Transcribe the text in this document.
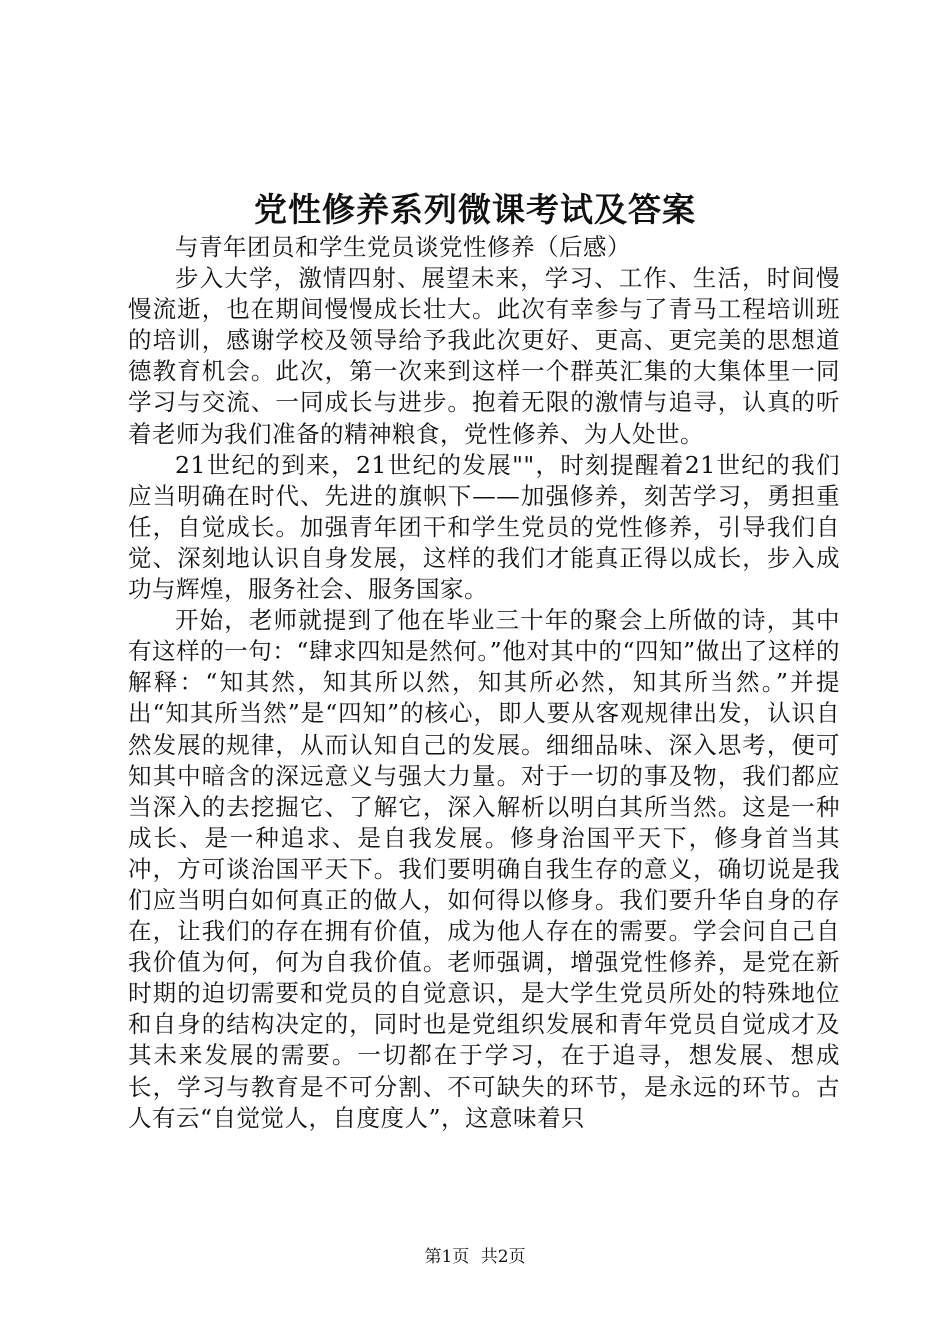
党性修养系列微课考试及答案

与青年团员和学生党员谈党性修养（后感）

步入大学，激情四射、展望未来，学习、工作、生活，时间慢慢流逝，也在期间慢慢成长壮大。此次有幸参与了青马工程培训班的培训，感谢学校及领导给予我此次更好、更高、更完美的思想道德教育机会。此次，第一次来到这样一个群英汇集的大集体里一同学习与交流、一同成长与进步。抱着无限的激情与追寻，认真的听着老师为我们准备的精神粮食，党性修养、为人处世。

21世纪的到来，21世纪的发展""，时刻提醒着21世纪的我们应当明确在时代、先进的旗帜下——加强修养，刻苦学习，勇担重任，自觉成长。加强青年团干和学生党员的党性修养，引导我们自觉、深刻地认识自身发展，这样的我们才能真正得以成长，步入成功与辉煌，服务社会、服务国家。

开始，老师就提到了他在毕业三十年的聚会上所做的诗，其中有这样的一句：“肆求四知是然何。”他对其中的“四知”做出了这样的解释：“知其然，知其所以然，知其所必然，知其所当然。”并提出“知其所当然”是“四知”的核心，即人要从客观规律出发，认识自然发展的规律，从而认知自己的发展。细细品味、深入思考，便可知其中暗含的深远意义与强大力量。对于一切的事及物，我们都应当深入的去挖掘它、了解它，深入解析以明白其所当然。这是一种成长、是一种追求、是自我发展。修身治国平天下，修身首当其冲，方可谈治国平天下。我们要明确自我生存的意义，确切说是我们应当明白如何真正的做人，如何得以修身。我们要升华自身的存在，让我们的存在拥有价值，成为他人存在的需要。学会问自己自我价值为何，何为自我价值。老师强调，增强党性修养，是党在新时期的迫切需要和党员的自觉意识，是大学生党员所处的特殊地位和自身的结构决定的，同时也是党组织发展和青年党员自觉成才及其未来发展的需要。一切都在于学习，在于追寻，想发展、想成长，学习与教育是不可分割、不可缺失的环节，是永远的环节。古人有云“自觉觉人，自度度人”，这意味着只

第1页 共2页
